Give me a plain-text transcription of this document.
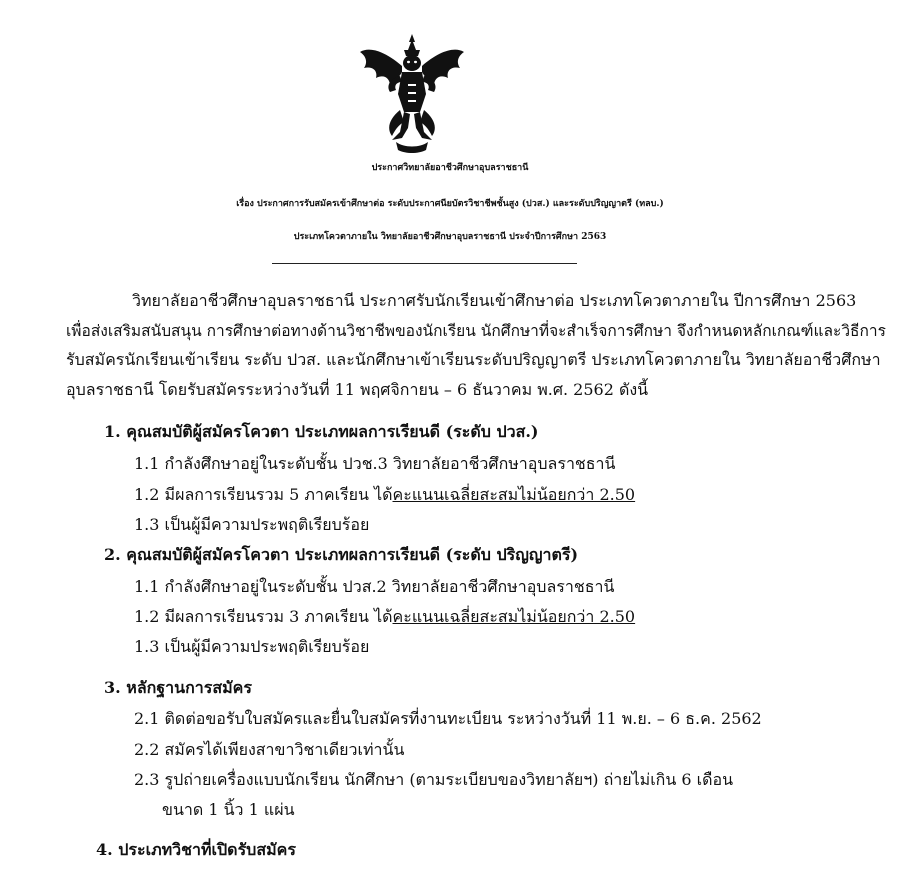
ประกาศวิทยาลัยอาชีวศึกษาอุบลราชธานี
เรื่อง ประกาศการรับสมัครเข้าศึกษาต่อ ระดับประกาศนียบัตรวิชาชีพชั้นสูง (ปวส.) และระดับปริญญาตรี (ทลบ.)
ประเภทโควตาภายใน วิทยาลัยอาชีวศึกษาอุบลราชธานี ประจำปีการศึกษา 2563
วิทยาลัยอาชีวศึกษาอุบลราชธานี ประกาศรับนักเรียนเข้าศึกษาต่อ ประเภทโควตาภายใน ปีการศึกษา 2563
เพื่อส่งเสริมสนับสนุน การศึกษาต่อทางด้านวิชาชีพของนักเรียน นักศึกษาที่จะสำเร็จการศึกษา จึงกำหนดหลักเกณฑ์และวิธีการ
รับสมัครนักเรียนเข้าเรียน ระดับ ปวส. และนักศึกษาเข้าเรียนระดับปริญญาตรี ประเภทโควตาภายใน วิทยาลัยอาชีวศึกษา
อุบลราชธานี โดยรับสมัครระหว่างวันที่ 11 พฤศจิกายน – 6 ธันวาคม พ.ศ. 2562 ดังนี้
1. คุณสมบัติผู้สมัครโควตา ประเภทผลการเรียนดี (ระดับ ปวส.)
1.1 กำลังศึกษาอยู่ในระดับชั้น ปวช.3 วิทยาลัยอาชีวศึกษาอุบลราชธานี
1.2 มีผลการเรียนรวม 5 ภาคเรียน ได้คะแนนเฉลี่ยสะสมไม่น้อยกว่า 2.50
1.3 เป็นผู้มีความประพฤติเรียบร้อย
2. คุณสมบัติผู้สมัครโควตา ประเภทผลการเรียนดี (ระดับ ปริญญาตรี)
1.1 กำลังศึกษาอยู่ในระดับชั้น ปวส.2 วิทยาลัยอาชีวศึกษาอุบลราชธานี
1.2 มีผลการเรียนรวม 3 ภาคเรียน ได้คะแนนเฉลี่ยสะสมไม่น้อยกว่า 2.50
1.3 เป็นผู้มีความประพฤติเรียบร้อย
3. หลักฐานการสมัคร
2.1 ติดต่อขอรับใบสมัครและยื่นใบสมัครที่งานทะเบียน ระหว่างวันที่ 11 พ.ย. – 6 ธ.ค. 2562
2.2 สมัครได้เพียงสาขาวิชาเดียวเท่านั้น
2.3 รูปถ่ายเครื่องแบบนักเรียน นักศึกษา (ตามระเบียบของวิทยาลัยฯ) ถ่ายไม่เกิน 6 เดือน
ขนาด 1 นิ้ว 1 แผ่น
4. ประเภทวิชาที่เปิดรับสมัคร
